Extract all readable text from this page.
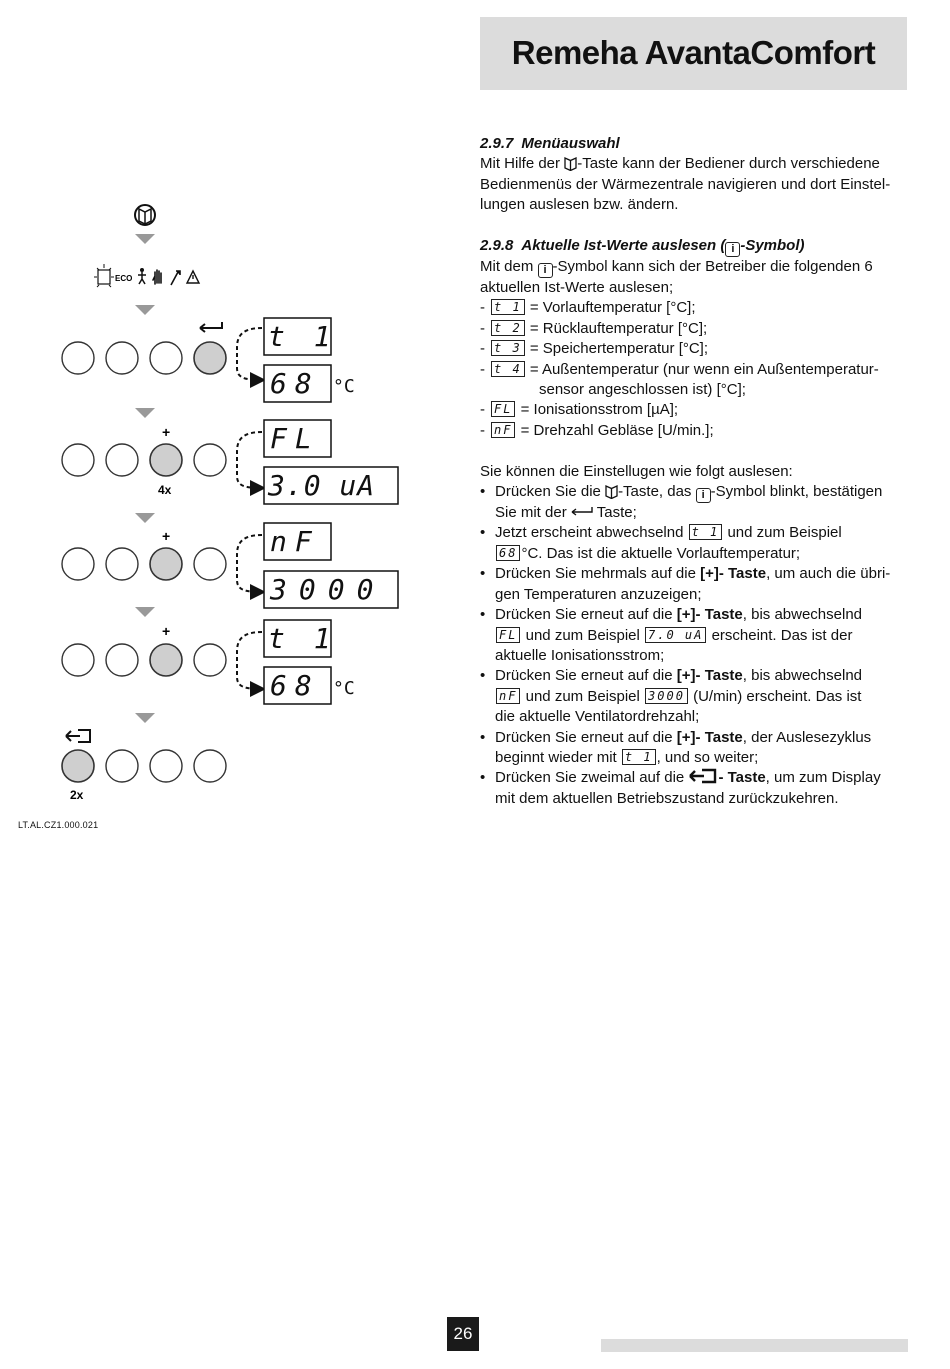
Remeha AvantaComfort
ECO
+
4x
+
+
2x
t 1
68 °C
FL
3.0 uA
nF
3000
t 1
68 °C
LT.AL.CZ1.000.021
2.9.7 Menüauswahl

Mit Hilfe der -Taste kann der Bediener durch verschiedene
Bedienmenüs der Wärmezentrale navigieren und dort Einstel-
lungen auslesen bzw. ändern.

2.9.8 Aktuelle Ist-Werte auslesen ( i -Symbol)

Mit dem i -Symbol kann sich der Betreiber die folgenden 6
aktuellen Ist-Werte auslesen;

- t 1 = Vorlauftemperatur [°C];
- t 2 = Rücklauftemperatur [°C];
- t 3 = Speichertemperatur [°C];
- t 4 = Außentemperatur (nur wenn ein Außentemperatur-
sensor angeschlossen ist) [°C];
- FL = Ionisationsstrom [µA];
- nF = Drehzahl Gebläse [U/min.];

Sie können die Einstellugen wie folgt auslesen:

• Drücken Sie die -Taste, das i -Symbol blinkt, bestätigen
Sie mit der Taste;
• Jetzt erscheint abwechselnd t 1 und zum Beispiel
68 °C. Das ist die aktuelle Vorlauftemperatur;
• Drücken Sie mehrmals auf die [+]- Taste, um auch die übri-
gen Temperaturen anzuzeigen;
• Drücken Sie erneut auf die [+]- Taste, bis abwechselnd
FL und zum Beispiel 7.0 uA erscheint. Das ist der
aktuelle Ionisationsstrom;
• Drücken Sie erneut auf die [+]- Taste, bis abwechselnd
nF und zum Beispiel 3000 (U/min) erscheint. Das ist
die aktuelle Ventilatordrehzahl;
• Drücken Sie erneut auf die [+]- Taste, der Auslesezyklus
beginnt wieder mit t 1 , und so weiter;
• Drücken Sie zweimal auf die - Taste, um zum Display
mit dem aktuellen Betriebszustand zurückzukehren.
26
